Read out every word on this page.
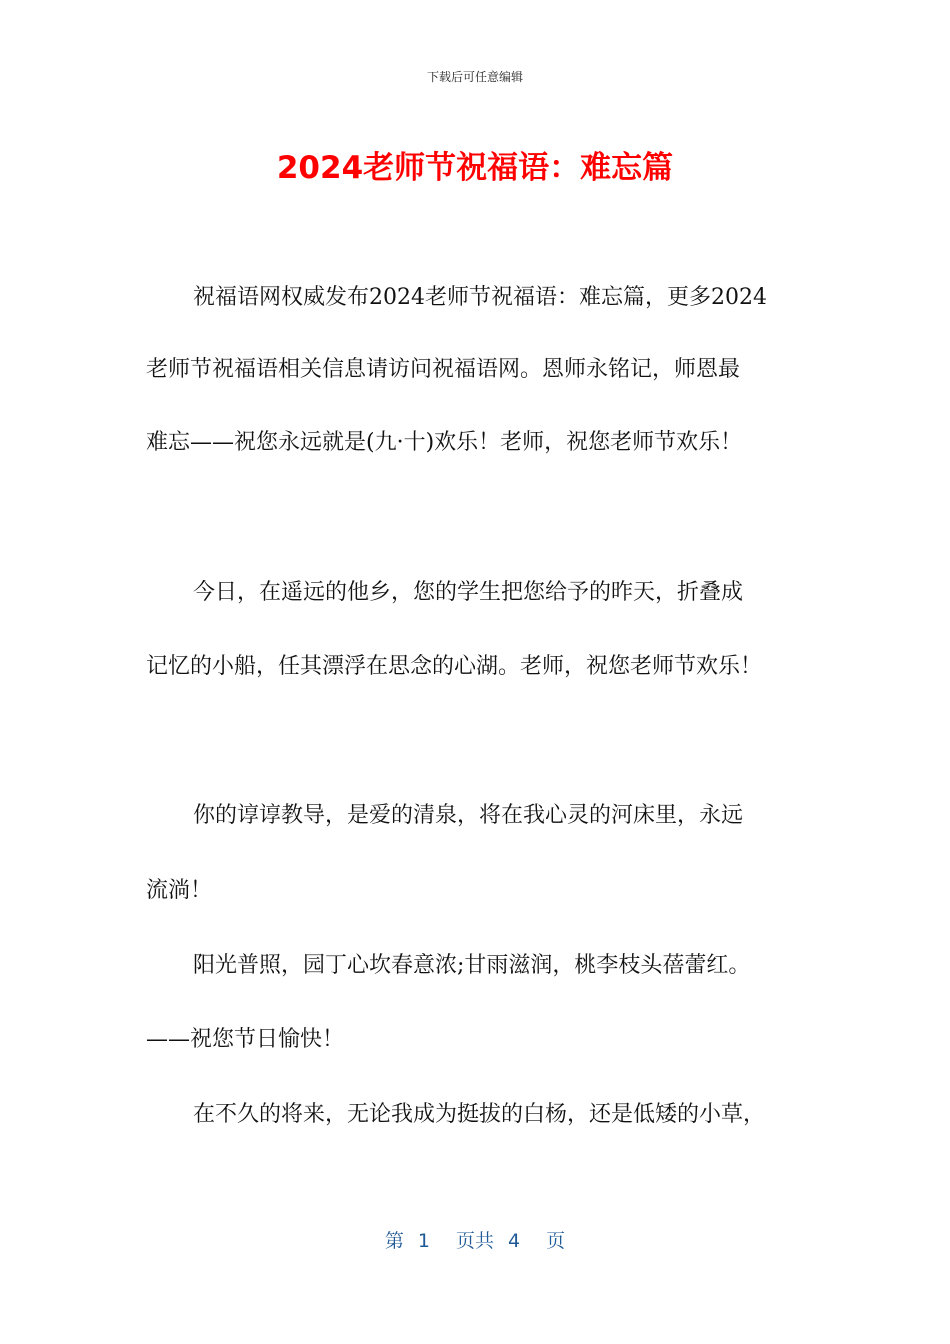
下载后可任意编辑
2024老师节祝福语：难忘篇
祝福语网权威发布2024老师节祝福语：难忘篇，更多2024
老师节祝福语相关信息请访问祝福语网。恩师永铭记，师恩最
难忘——祝您永远就是(九·十)欢乐！老师，祝您老师节欢乐！
今日，在遥远的他乡，您的学生把您给予的昨天，折叠成
记忆的小船，任其漂浮在思念的心湖。老师，祝您老师节欢乐！
你的谆谆教导，是爱的清泉，将在我心灵的河床里，永远
流淌！
阳光普照，园丁心坎春意浓;甘雨滋润，桃李枝头蓓蕾红。
——祝您节日愉快！
在不久的将来，无论我成为挺拔的白杨，还是低矮的小草，
第 1 页共 4 页
